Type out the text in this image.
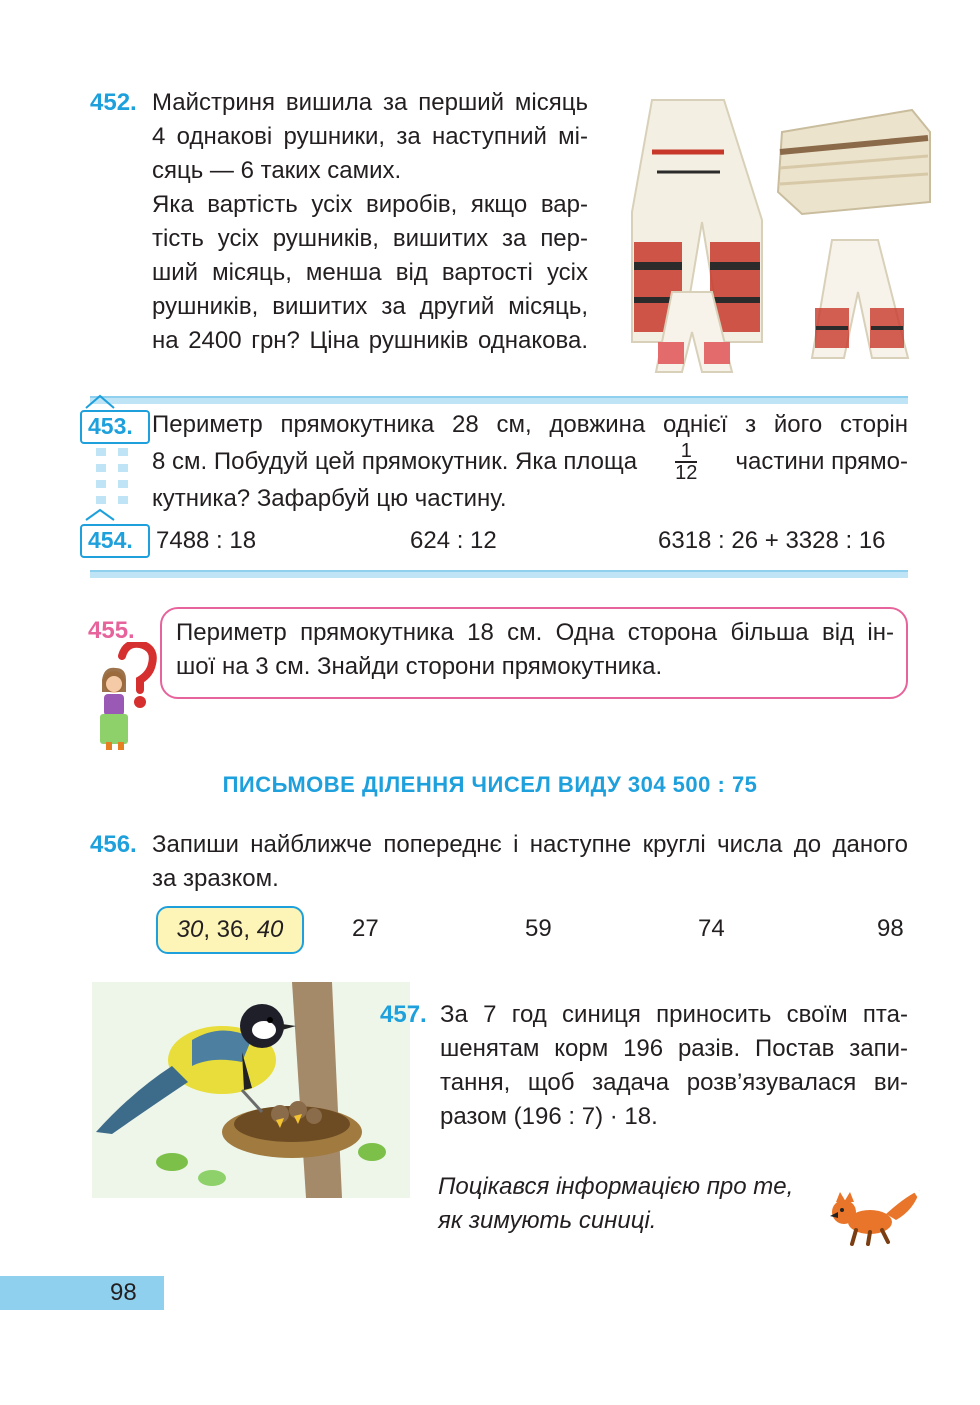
452. Майстриня вишила за перший місяць
4 однакові рушники, за наступний мі-
сяць — 6 таких самих.
Яка вартість усіх виробів, якщо вар-
тість усіх рушників, вишитих за пер-
ший місяць, менша від вартості усіх
рушників, вишитих за другий місяць,
на 2400 грн? Ціна рушників однакова.
453. Периметр прямокутника 28 см, довжина однієї з його сторін
8 см. Побудуй цей прямокутник. Яка площа $\frac{1}{12}$ частини прямо-
кутника? Зафарбуй цю частину.
454. 7488 : 18	624 : 12	6318 : 26 + 3328 : 16
455. Периметр прямокутника 18 см. Одна сторона більша від ін-
шої на 3 см. Знайди сторони прямокутника.
ПИСЬМОВЕ ДІЛЕННЯ ЧИСЕЛ ВИДУ 304 500 : 75
456. Запиши найближче попереднє і наступне круглі числа до даного
за зразком.
30, 36, 40	27	59	74	98
457. За 7 год синиця приносить своїм пта-
шенятам корм 196 разів. Постав запи-
тання, щоб задача розв’язувалася ви-
разом (196 : 7) · 18.
Поцікався інформацією про те,
як зимують синиці.
98
